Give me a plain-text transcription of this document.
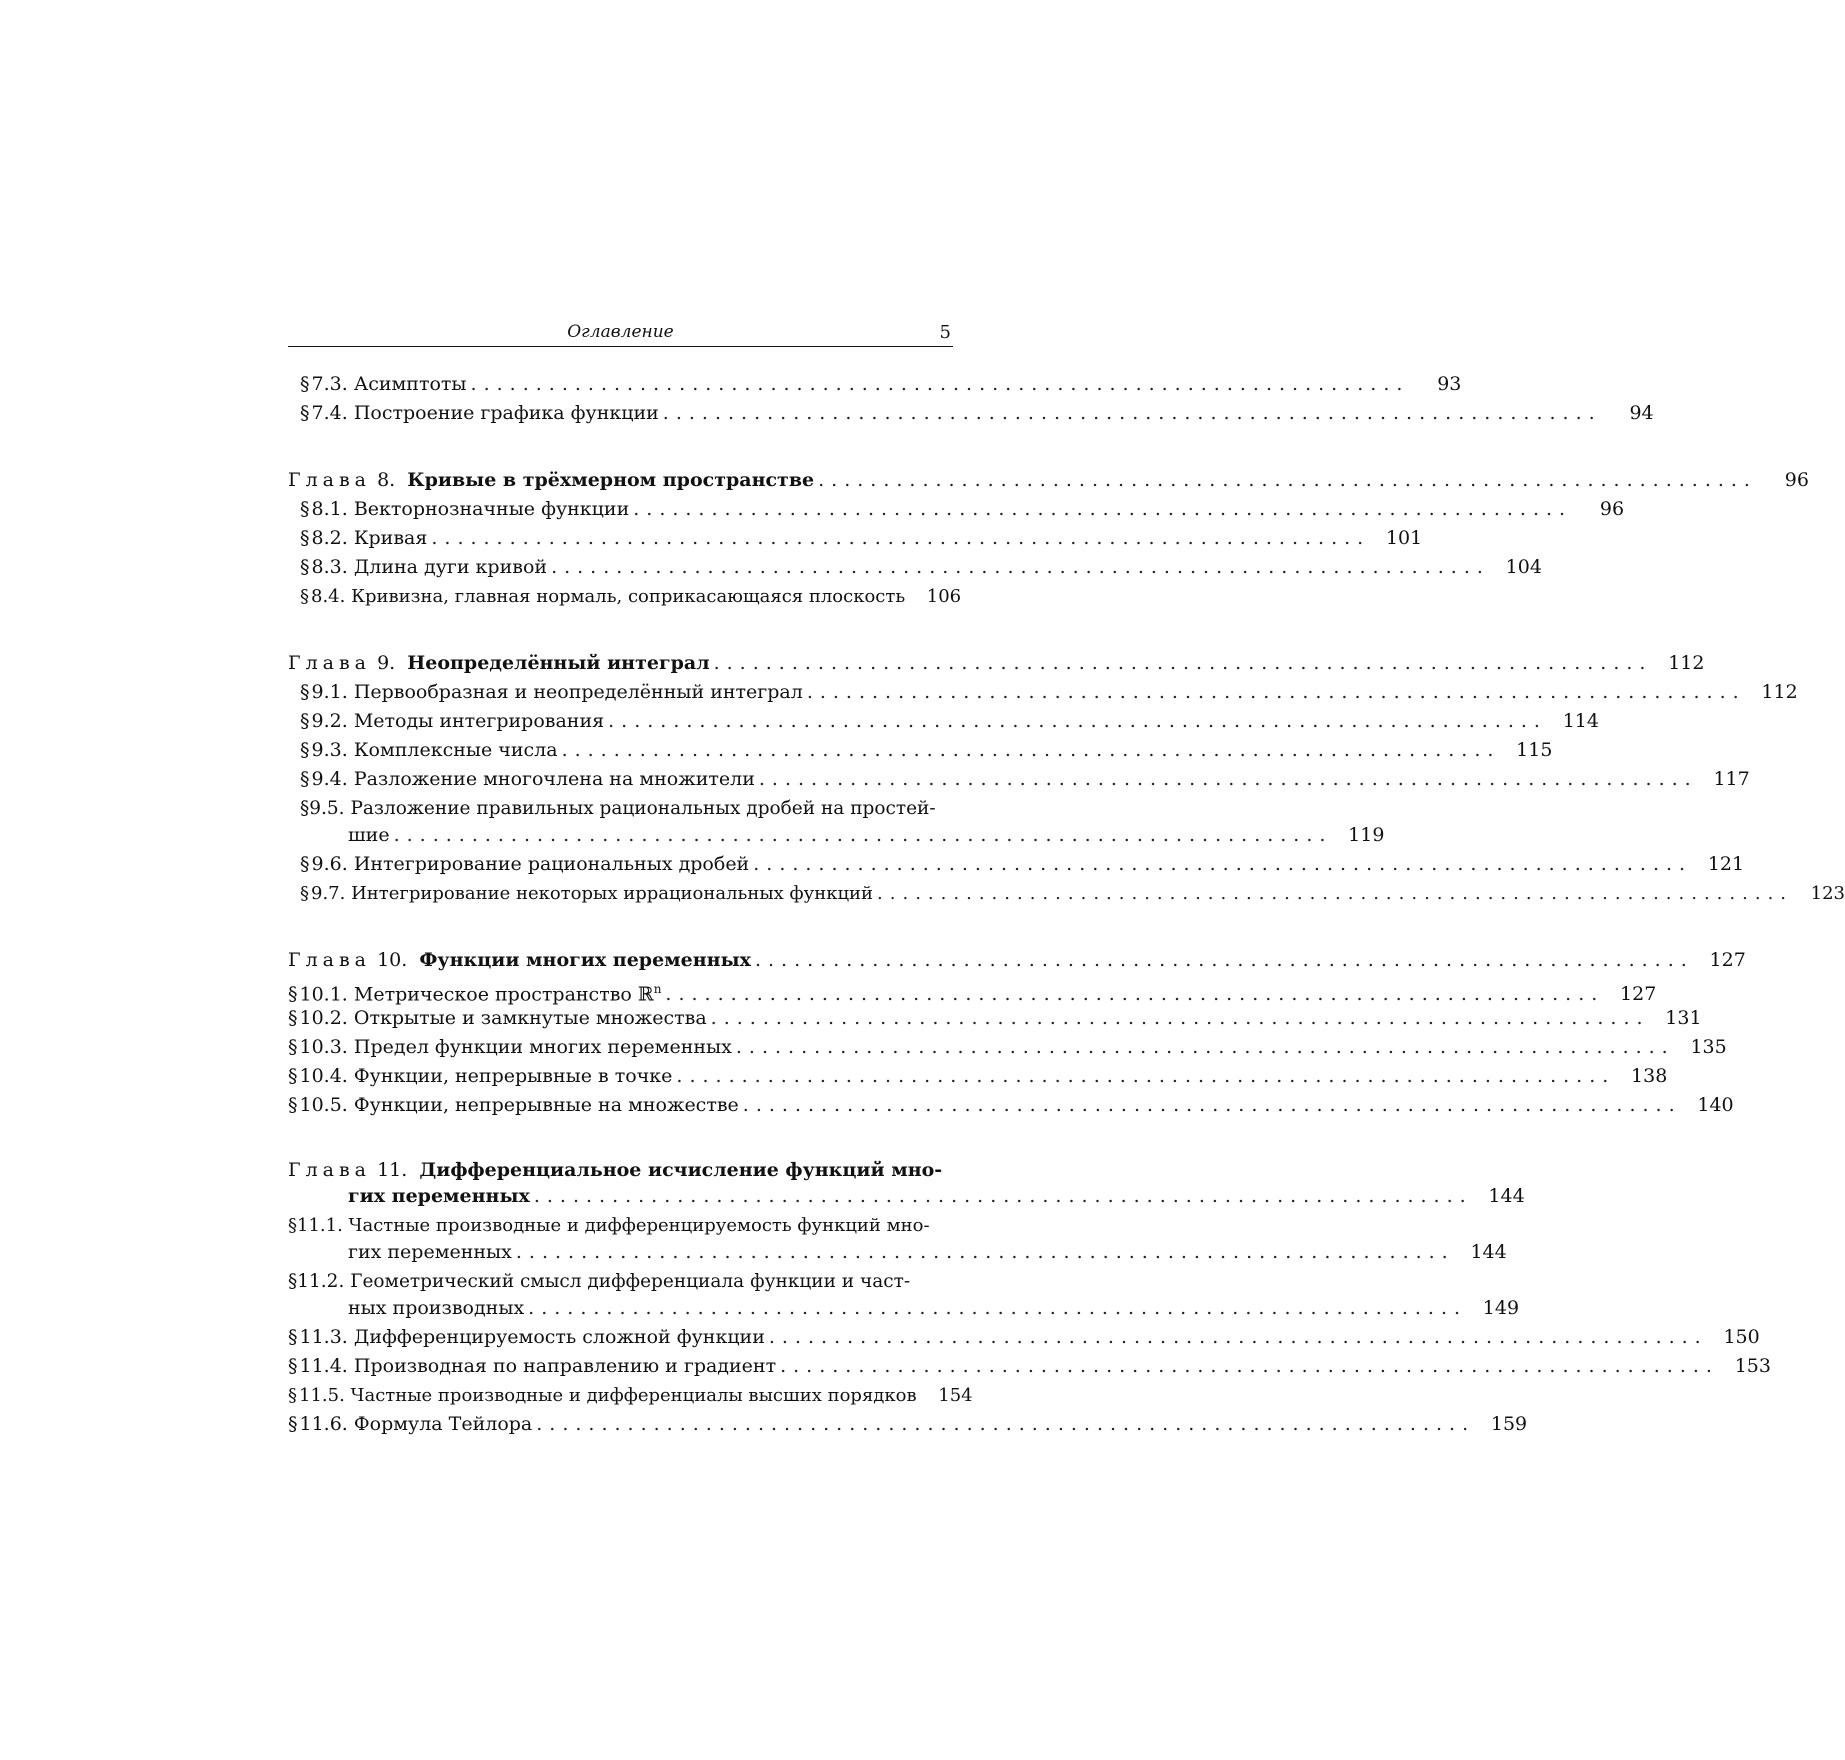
Оглавление	5
§ 7.3. Асимптоты ........................................................................	93
§ 7.4. Построение графика функции ........................................................................	94
Глава 8. Кривые в трёхмерном пространстве ........................................................................	96
§ 8.1. Векторнозначные функции ........................................................................	96
§ 8.2. Кривая ........................................................................ 101
§ 8.3. Длина дуги кривой ........................................................................ 104
§ 8.4. Кривизна, главная нормаль, соприкасающаяся плоскость	106
Глава 9. Неопределённый интеграл ........................................................................ 112
§ 9.1. Первообразная и неопределённый интеграл ........................................................................ 112
§ 9.2. Методы интегрирования ........................................................................ 114
§ 9.3. Комплексные числа ........................................................................ 115
§ 9.4. Разложение многочлена на множители ........................................................................ 117
§9.5. Разложение правильных рациональных дробей на простей-
шие ........................................................................ 119
§ 9.6. Интегрирование рациональных дробей ........................................................................ 121
§ 9.7. Интегрирование некоторых иррациональных функций ........................................................................ 123
Глава 10. Функции многих переменных ........................................................................ 127
§ 10.1. Метрическое пространство ℝ$^n$ ........................................................................ 127
§ 10.2. Открытые и замкнутые множества ........................................................................ 131
§ 10.3. Предел функции многих переменных ........................................................................ 135
§ 10.4. Функции, непрерывные в точке ........................................................................ 138
§ 10.5. Функции, непрерывные на множестве ........................................................................ 140
Глава 11. Дифференциальное исчисление функций мно-
гих переменных ........................................................................ 144
§11.1. Частные производные и дифференцируемость функций мно-
гих переменных ........................................................................ 144
§11.2. Геометрический смысл дифференциала функции и част-
ных производных ........................................................................ 149
§ 11.3. Дифференцируемость сложной функции ........................................................................ 150
§ 11.4. Производная по направлению и градиент ........................................................................ 153
§ 11.5. Частные производные и дифференциалы высших порядков	154
§ 11.6. Формула Тейлора ........................................................................ 159
